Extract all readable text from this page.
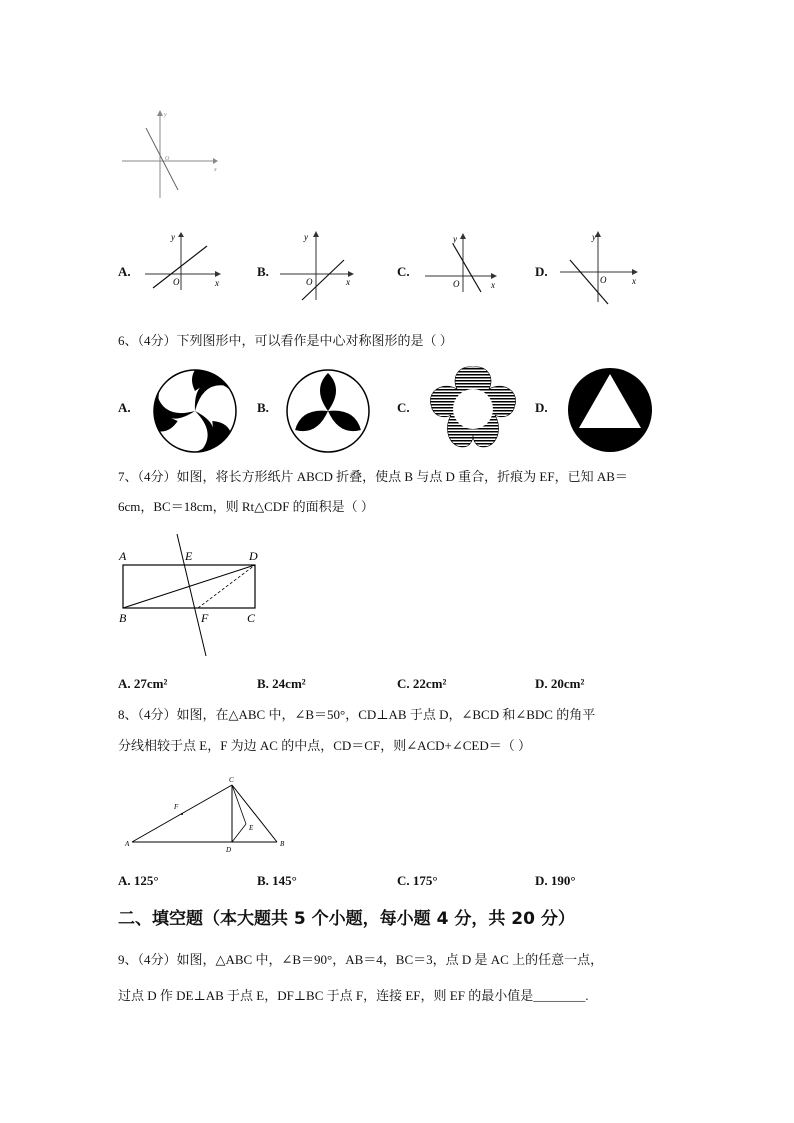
y
x
O
A.
y
x
O
B.
y
x
O
C.
y
x
O
D.
y
x
O
6、（4分）下列图形中，可以看作是中心对称图形的是（ ）
A.	B.	C.	D.
7、（4分）如图，将长方形纸片 ABCD 折叠，使点 B 与点 D 重合，折痕为 EF，已知 AB＝
6cm，BC＝18cm，则 Rt△CDF 的面积是（ ）
A	E	D
B	F	C
A. 27cm²	B. 24cm²	C. 22cm²	D. 20cm²
8、（4分）如图，在△ABC 中，∠B＝50°，CD⊥AB 于点 D，∠BCD 和∠BDC 的角平
分线相较于点 E，F 为边 AC 的中点，CD＝CF，则∠ACD+∠CED＝（ ）
A	B
C
D
E
F
A. 125°	B. 145°	C. 175°	D. 190°
二、填空题（本大题共 5 个小题，每小题 4 分，共 20 分）
9、（4分）如图，△ABC 中，∠B＝90°，AB＝4，BC＝3，点 D 是 AC 上的任意一点，
过点 D 作 DE⊥AB 于点 E，DF⊥BC 于点 F，连接 EF，则 EF 的最小值是________.
